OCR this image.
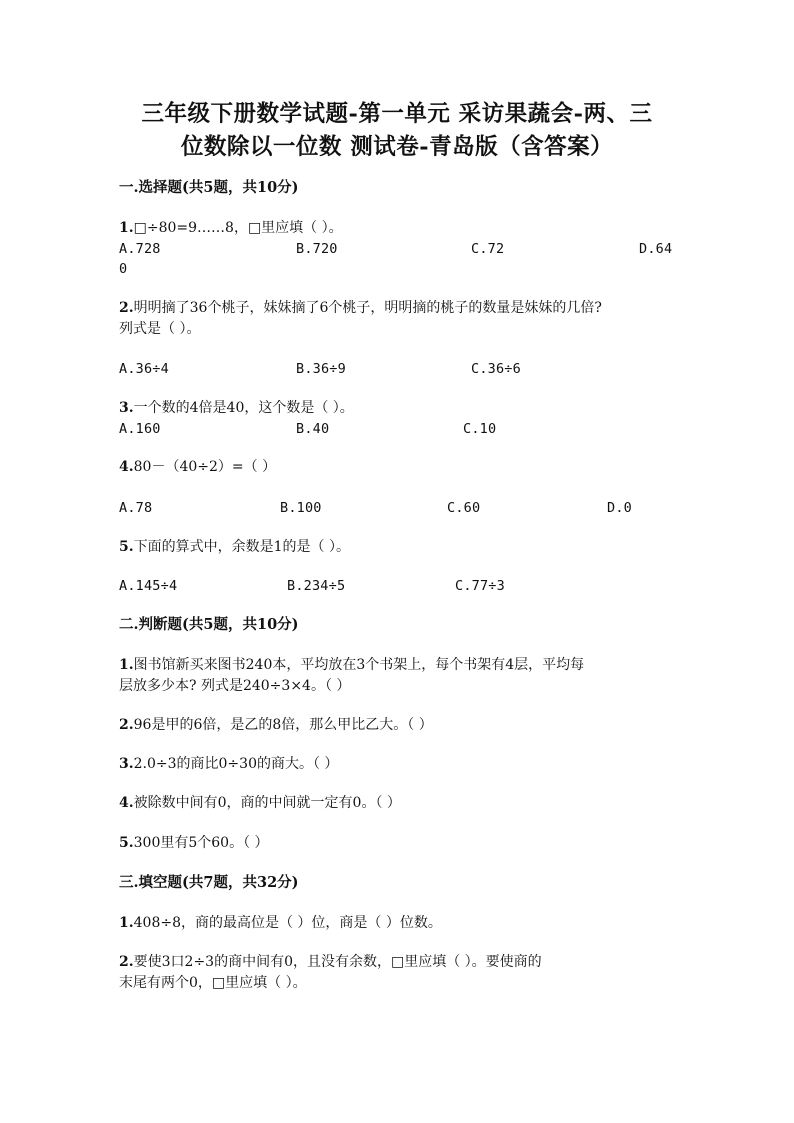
三年级下册数学试题-第一单元 采访果蔬会-两、三
位数除以一位数 测试卷-青岛版（含答案）
一.选择题(共5题，共10分)
1.□÷80=9……8，□里应填（ ）。
A.728	B.720	C.72	D.64
0
2.明明摘了36个桃子，妹妹摘了6个桃子，明明摘的桃子的数量是妹妹的几倍?
列式是（ ）。
A.36÷4	B.36÷9	C.36÷6
3.一个数的4倍是40，这个数是（ ）。
A.160	B.40	C.10
4.80－（40÷2）=（ ）
A.78	B.100	C.60	D.0
5.下面的算式中，余数是1的是（ ）。
A.145÷4	B.234÷5	C.77÷3
二.判断题(共5题，共10分)
1.图书馆新买来图书240本，平均放在3个书架上，每个书架有4层，平均每
层放多少本? 列式是240÷3×4。（ ）
2.96是甲的6倍，是乙的8倍，那么甲比乙大。（ ）
3.2.0÷3的商比0÷30的商大。（ ）
4.被除数中间有0，商的中间就一定有0。（ ）
5.300里有5个60。（ ）
三.填空题(共7题，共32分)
1.408÷8，商的最高位是（ ）位，商是（ ）位数。
2.要使3口2÷3的商中间有0，且没有余数，□里应填（ ）。要使商的
末尾有两个0，□里应填（ ）。
